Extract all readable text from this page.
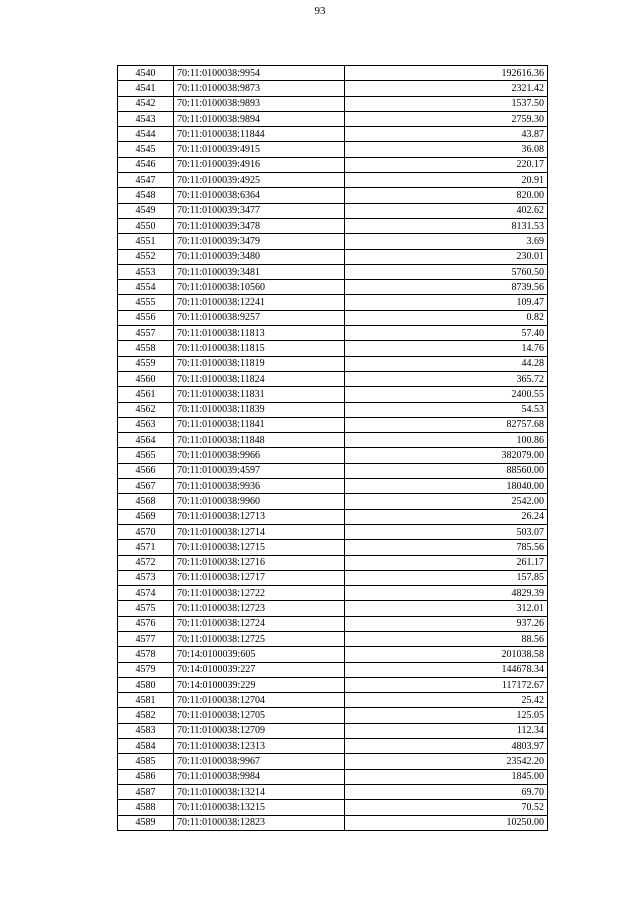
93
4540	70:11:0100038:9954	192616.36
4541	70:11:0100038:9873	2321.42
4542	70:11:0100038:9893	1537.50
4543	70:11:0100038:9894	2759.30
4544	70:11:0100038:11844	43.87
4545	70:11:0100039:4915	36.08
4546	70:11:0100039:4916	220.17
4547	70:11:0100039:4925	20.91
4548	70:11:0100038:6364	820.00
4549	70:11:0100039:3477	402.62
4550	70:11:0100039:3478	8131.53
4551	70:11:0100039:3479	3.69
4552	70:11:0100039:3480	230.01
4553	70:11:0100039:3481	5760.50
4554	70:11:0100038:10560	8739.56
4555	70:11:0100038:12241	109.47
4556	70:11:0100038:9257	0.82
4557	70:11:0100038:11813	57.40
4558	70:11:0100038:11815	14.76
4559	70:11:0100038:11819	44.28
4560	70:11:0100038:11824	365.72
4561	70:11:0100038:11831	2400.55
4562	70:11:0100038:11839	54.53
4563	70:11:0100038:11841	82757.68
4564	70:11:0100038:11848	100.86
4565	70:11:0100038:9966	382079.00
4566	70:11:0100039:4597	88560.00
4567	70:11:0100038:9936	18040.00
4568	70:11:0100038:9960	2542.00
4569	70:11:0100038:12713	26.24
4570	70:11:0100038:12714	503.07
4571	70:11:0100038:12715	785.56
4572	70:11:0100038:12716	261.17
4573	70:11:0100038:12717	157.85
4574	70:11:0100038:12722	4829.39
4575	70:11:0100038:12723	312.01
4576	70:11:0100038:12724	937.26
4577	70:11:0100038:12725	88.56
4578	70:14:0100039:605	201038.58
4579	70:14:0100039:227	144678.34
4580	70:14:0100039:229	117172.67
4581	70:11:0100038:12704	25.42
4582	70:11:0100038:12705	125.05
4583	70:11:0100038:12709	112.34
4584	70:11:0100038:12313	4803.97
4585	70:11:0100038:9967	23542.20
4586	70:11:0100038:9984	1845.00
4587	70:11:0100038:13214	69.70
4588	70:11:0100038:13215	70.52
4589	70:11:0100038:12823	10250.00
